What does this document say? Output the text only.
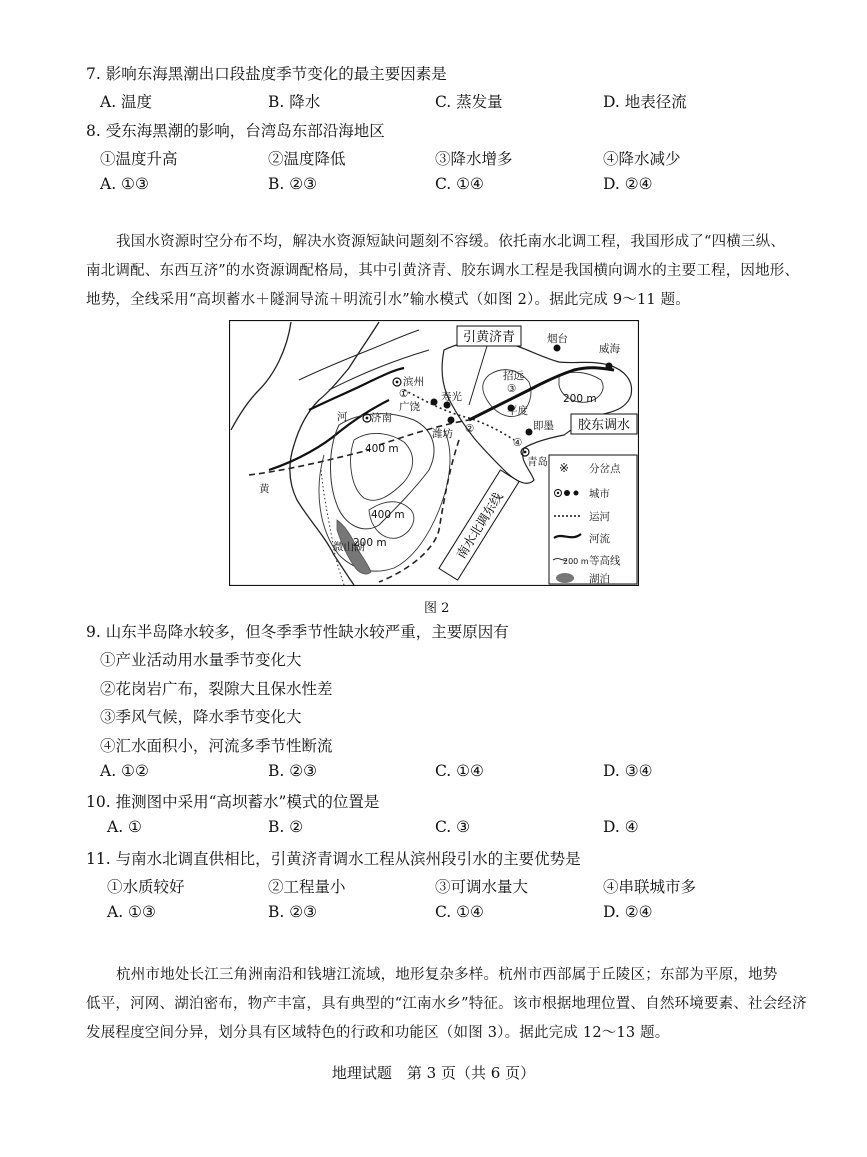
7. 影响东海黑潮出口段盐度季节变化的最主要因素是
A. 温度	B. 降水	C. 蒸发量	D. 地表径流
8. 受东海黑潮的影响，台湾岛东部沿海地区
①温度升高	②温度降低	③降水增多	④降水减少
A. ①③	B. ②③	C. ①④	D. ②④
我国水资源时空分布不均，解决水资源短缺问题刻不容缓。依托南水北调工程，我国形成了“四横三纵、
南北调配、东西互济”的水资源调配格局，其中引黄济青、胶东调水工程是我国横向调水的主要工程，因地形、
地势，全线采用“高坝蓄水＋隧洞导流＋明流引水”输水模式（如图 2）。据此完成 9～11 题。
引黄济青
胶东调水
南水北调东线
烟台
威海
滨州
济南
广饶
寿光
潍坊
平度
即墨
青岛
招远
微山湖
河
黄
①
②
③
④
400 m
400 m
200 m
200 m
※ 分岔点
城市
运河
河流
200 m 等高线
湖泊
图 2
9. 山东半岛降水较多，但冬季季节性缺水较严重，主要原因有
①产业活动用水量季节变化大
②花岗岩广布，裂隙大且保水性差
③季风气候，降水季节变化大
④汇水面积小，河流多季节性断流
A. ①②	B. ②③	C. ①④	D. ③④
10. 推测图中采用“高坝蓄水”模式的位置是
A. ①	B. ②	C. ③	D. ④
11. 与南水北调直供相比，引黄济青调水工程从滨州段引水的主要优势是
①水质较好	②工程量小	③可调水量大	④串联城市多
A. ①③	B. ②③	C. ①④	D. ②④
杭州市地处长江三角洲南沿和钱塘江流域，地形复杂多样。杭州市西部属于丘陵区；东部为平原，地势
低平，河网、湖泊密布，物产丰富，具有典型的“江南水乡”特征。该市根据地理位置、自然环境要素、社会经济
发展程度空间分异，划分具有区域特色的行政和功能区（如图 3）。据此完成 12～13 题。
地理试题　第 3 页（共 6 页）
